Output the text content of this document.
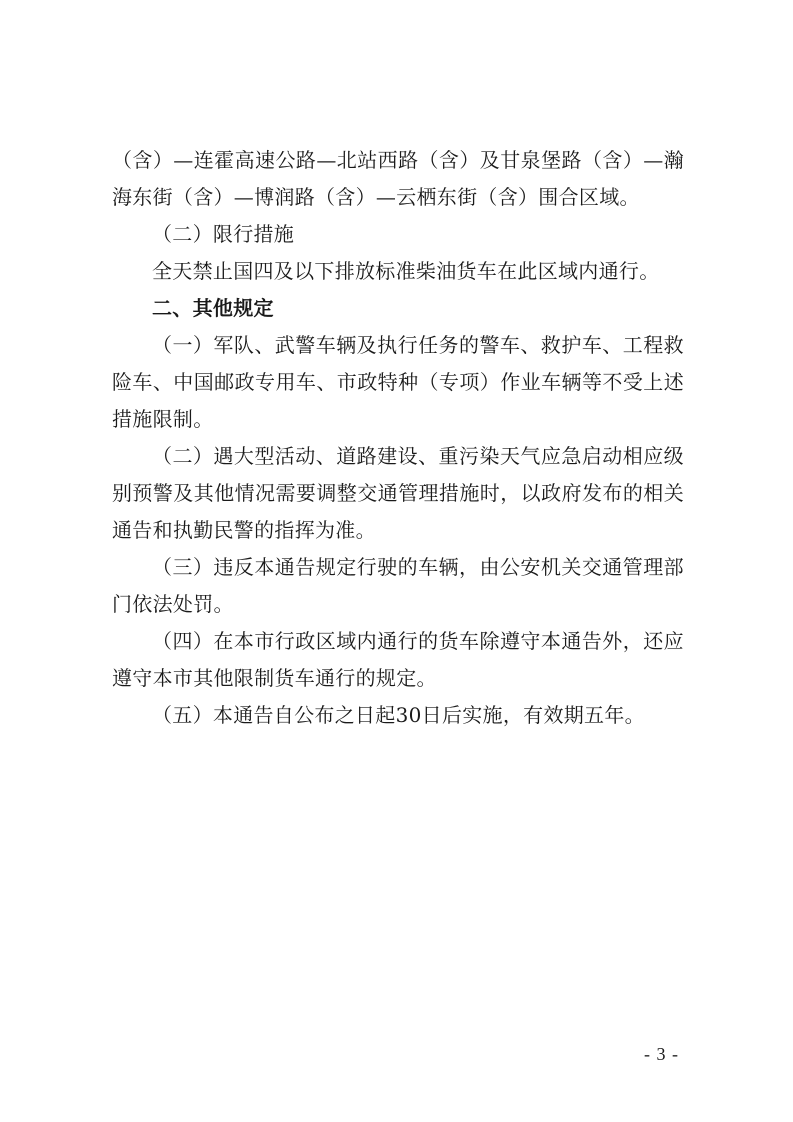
（含）—连霍高速公路—北站西路（含）及甘泉堡路（含）—瀚海东街（含）—博润路（含）—云栖东街（含）围合区域。

（二）限行措施

全天禁止国四及以下排放标准柴油货车在此区域内通行。

二、其他规定

（一）军队、武警车辆及执行任务的警车、救护车、工程救险车、中国邮政专用车、市政特种（专项）作业车辆等不受上述措施限制。

（二）遇大型活动、道路建设、重污染天气应急启动相应级别预警及其他情况需要调整交通管理措施时，以政府发布的相关通告和执勤民警的指挥为准。

（三）违反本通告规定行驶的车辆，由公安机关交通管理部门依法处罚。

（四）在本市行政区域内通行的货车除遵守本通告外，还应遵守本市其他限制货车通行的规定。

（五）本通告自公布之日起30日后实施，有效期五年。

- 3 -
